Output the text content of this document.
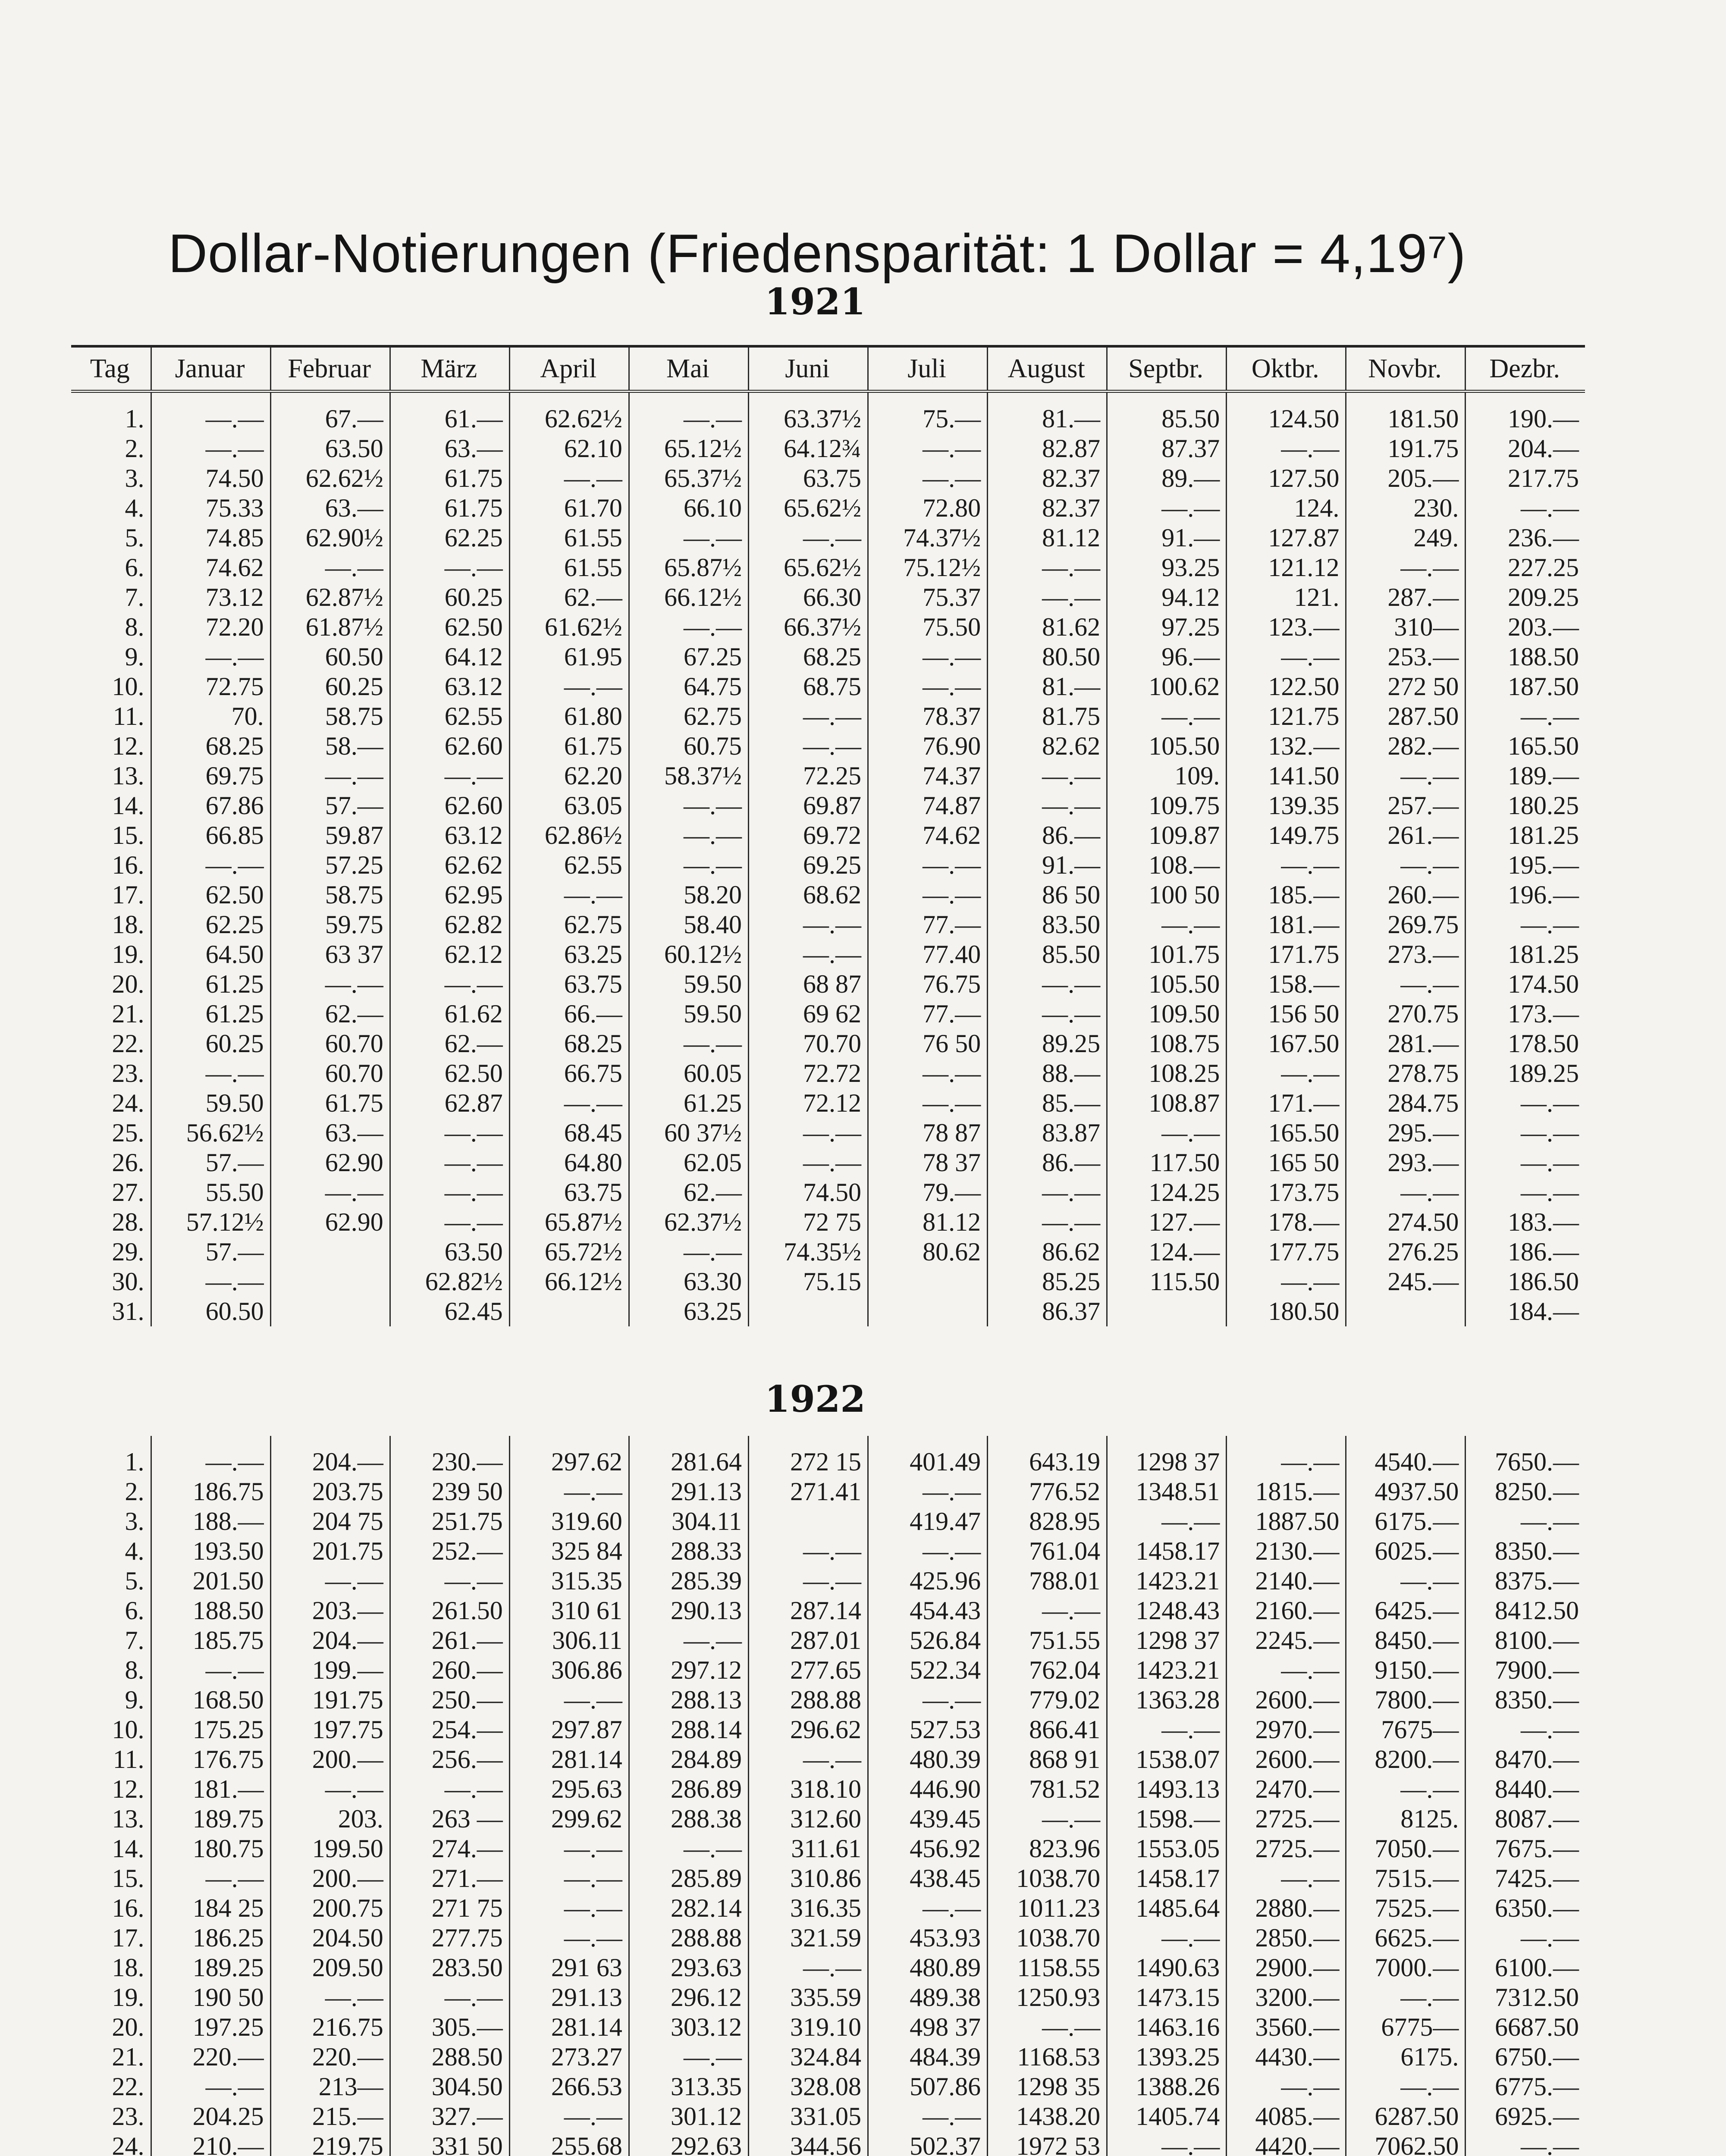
Dollar-Notierungen (Friedensparität: 1 Dollar = 4,19⁷)
1921
Tag	Januar	Februar	März	April	Mai	Juni	Juli	August	Septbr.	Oktbr.	Novbr.	Dezbr.
1.	—.—	67.—	61.—	62.62½	—.—	63.37½	75.—	81.—	85.50	124.50	181.50	190.—
2.	—.—	63.50	63.—	62.10	65.12½	64.12¾	—.—	82.87	87.37	—.—	191.75	204.—
3.	74.50	62.62½	61.75	—.—	65.37½	63.75	—.—	82.37	89.—	127.50	205.—	217.75
4.	75.33	63.—	61.75	61.70	66.10	65.62½	72.80	82.37	—.—	124.	230.	—.—
5.	74.85	62.90½	62.25	61.55	—.—	—.—	74.37½	81.12	91.—	127.87	249.	236.—
6.	74.62	—.—	—.—	61.55	65.87½	65.62½	75.12½	—.—	93.25	121.12	—.—	227.25
7.	73.12	62.87½	60.25	62.—	66.12½	66.30	75.37	—.—	94.12	121.	287.—	209.25
8.	72.20	61.87½	62.50	61.62½	—.—	66.37½	75.50	81.62	97.25	123.—	310—	203.—
9.	—.—	60.50	64.12	61.95	67.25	68.25	—.—	80.50	96.—	—.—	253.—	188.50
10.	72.75	60.25	63.12	—.—	64.75	68.75	—.—	81.—	100.62	122.50	272 50	187.50
11.	70.	58.75	62.55	61.80	62.75	—.—	78.37	81.75	—.—	121.75	287.50	—.—
12.	68.25	58.—	62.60	61.75	60.75	—.—	76.90	82.62	105.50	132.—	282.—	165.50
13.	69.75	—.—	—.—	62.20	58.37½	72.25	74.37	—.—	109.	141.50	—.—	189.—
14.	67.86	57.—	62.60	63.05	—.—	69.87	74.87	—.—	109.75	139.35	257.—	180.25
15.	66.85	59.87	63.12	62.86½	—.—	69.72	74.62	86.—	109.87	149.75	261.—	181.25
16.	—.—	57.25	62.62	62.55	—.—	69.25	—.—	91.—	108.—	—.—	—.—	195.—
17.	62.50	58.75	62.95	—.—	58.20	68.62	—.—	86 50	100 50	185.—	260.—	196.—
18.	62.25	59.75	62.82	62.75	58.40	—.—	77.—	83.50	—.—	181.—	269.75	—.—
19.	64.50	63 37	62.12	63.25	60.12½	—.—	77.40	85.50	101.75	171.75	273.—	181.25
20.	61.25	—.—	—.—	63.75	59.50	68 87	76.75	—.—	105.50	158.—	—.—	174.50
21.	61.25	62.—	61.62	66.—	59.50	69 62	77.—	—.—	109.50	156 50	270.75	173.—
22.	60.25	60.70	62.—	68.25	—.—	70.70	76 50	89.25	108.75	167.50	281.—	178.50
23.	—.—	60.70	62.50	66.75	60.05	72.72	—.—	88.—	108.25	—.—	278.75	189.25
24.	59.50	61.75	62.87	—.—	61.25	72.12	—.—	85.—	108.87	171.—	284.75	—.—
25.	56.62½	63.—	—.—	68.45	60 37½	—.—	78 87	83.87	—.—	165.50	295.—	—.—
26.	57.—	62.90	—.—	64.80	62.05	—.—	78 37	86.—	117.50	165 50	293.—	—.—
27.	55.50	—.—	—.—	63.75	62.—	74.50	79.—	—.—	124.25	173.75	—.—	—.—
28.	57.12½	62.90	—.—	65.87½	62.37½	72 75	81.12	—.—	127.—	178.—	274.50	183.—
29.	57.—		63.50	65.72½	—.—	74.35½	80.62	86.62	124.—	177.75	276.25	186.—
30.	—.—		62.82½	66.12½	63.30	75.15		85.25	115.50	—.—	245.—	186.50
31.	60.50		62.45		63.25			86.37		180.50		184.—
1922
1.	—.—	204.—	230.—	297.62	281.64	272 15	401.49	643.19	1298 37	—.—	4540.—	7650.—
2.	186.75	203.75	239 50	—.—	291.13	271.41	—.—	776.52	1348.51	1815.—	4937.50	8250.—
3.	188.—	204 75	251.75	319.60	304.11		419.47	828.95	—.—	1887.50	6175.—	—.—
4.	193.50	201.75	252.—	325 84	288.33	—.—	—.—	761.04	1458.17	2130.—	6025.—	8350.—
5.	201.50	—.—	—.—	315.35	285.39	—.—	425.96	788.01	1423.21	2140.—	—.—	8375.—
6.	188.50	203.—	261.50	310 61	290.13	287.14	454.43	—.—	1248.43	2160.—	6425.—	8412.50
7.	185.75	204.—	261.—	306.11	—.—	287.01	526.84	751.55	1298 37	2245.—	8450.—	8100.—
8.	—.—	199.—	260.—	306.86	297.12	277.65	522.34	762.04	1423.21	—.—	9150.—	7900.—
9.	168.50	191.75	250.—	—.—	288.13	288.88	—.—	779.02	1363.28	2600.—	7800.—	8350.—
10.	175.25	197.75	254.—	297.87	288.14	296.62	527.53	866.41	—.—	2970.—	7675—	—.—
11.	176.75	200.—	256.—	281.14	284.89	—.—	480.39	868 91	1538.07	2600.—	8200.—	8470.—
12.	181.—	—.—	—.—	295.63	286.89	318.10	446.90	781.52	1493.13	2470.—	—.—	8440.—
13.	189.75	203.	263 —	299.62	288.38	312.60	439.45	—.—	1598.—	2725.—	8125.	8087.—
14.	180.75	199.50	274.—	—.—	—.—	311.61	456.92	823.96	1553.05	2725.—	7050.—	7675.—
15.	—.—	200.—	271.—	—.—	285.89	310.86	438.45	1038.70	1458.17	—.—	7515.—	7425.—
16.	184 25	200.75	271 75	—.—	282.14	316.35	—.—	1011.23	1485.64	2880.—	7525.—	6350.—
17.	186.25	204.50	277.75	—.—	288.88	321.59	453.93	1038.70	—.—	2850.—	6625.—	—.—
18.	189.25	209.50	283.50	291 63	293.63	—.—	480.89	1158.55	1490.63	2900.—	7000.—	6100.—
19.	190 50	—.—	—.—	291.13	296.12	335.59	489.38	1250.93	1473.15	3200.—	—.—	7312.50
20.	197.25	216.75	305.—	281.14	303.12	319.10	498 37	—.—	1463.16	3560.—	6775—	6687.50
21.	220.—	220.—	288.50	273.27	—.—	324.84	484.39	1168.53	1393.25	4430.—	6175.	6750.—
22.	—.—	213—	304.50	266.53	313.35	328.08	507.86	1298 35	1388.26	—.—	—.—	6775.—
23.	204.25	215.—	327.—	—.—	301.12	331.05	—.—	1438.20	1405.74	4085.—	6287.50	6925.—
24.	210.—	219.75	331 50	255.68	292.63	344.56	502.37	1972 53	—.—	4420.—	7062.50	—.—
